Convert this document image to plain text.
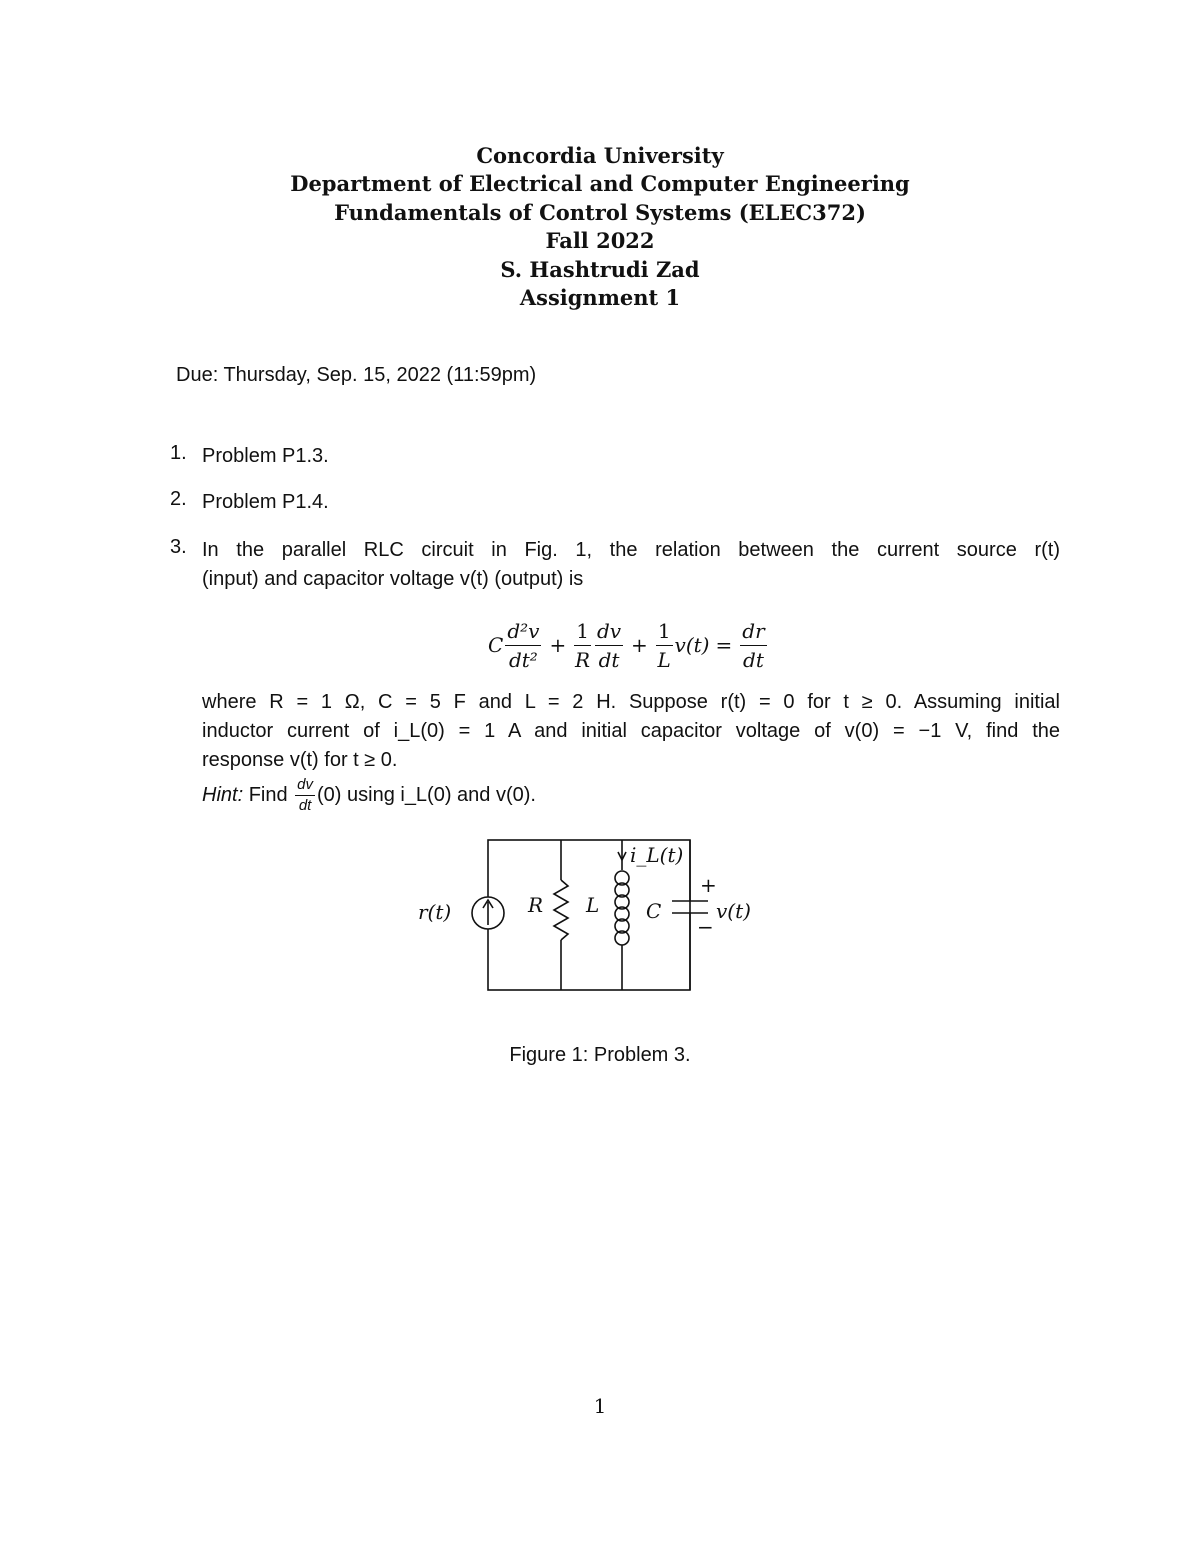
Concordia University
Department of Electrical and Computer Engineering
Fundamentals of Control Systems (ELEC372)
Fall 2022
S. Hashtrudi Zad
Assignment 1
Due: Thursday, Sep. 15, 2022 (11:59pm)
1. Problem P1.3.
2. Problem P1.4.
3. In the parallel RLC circuit in Fig. 1, the relation between the current source r(t)
(input) and capacitor voltage v(t) (output) is
C $\frac{\text{d²v}}{\text{dt²}} + \frac{1}{R} \frac{dv}{dt} + \frac{1}{L} v(t) = \frac{dr}{dt}$
where R = 1 Ω, C = 5 F and L = 2 H. Suppose r(t) = 0 for t ≥ 0. Assuming initial
inductor current of i_L(0) = 1 A and initial capacitor voltage of v(0) = −1 V, find the
response v(t) for t ≥ 0.
Hint: Find $\frac{dv}{dt} (0)$ using i_L(0) and v(0).
r(t)	R L C
i_L(t)
v(t)
+
−
Figure 1: Problem 3.
1
